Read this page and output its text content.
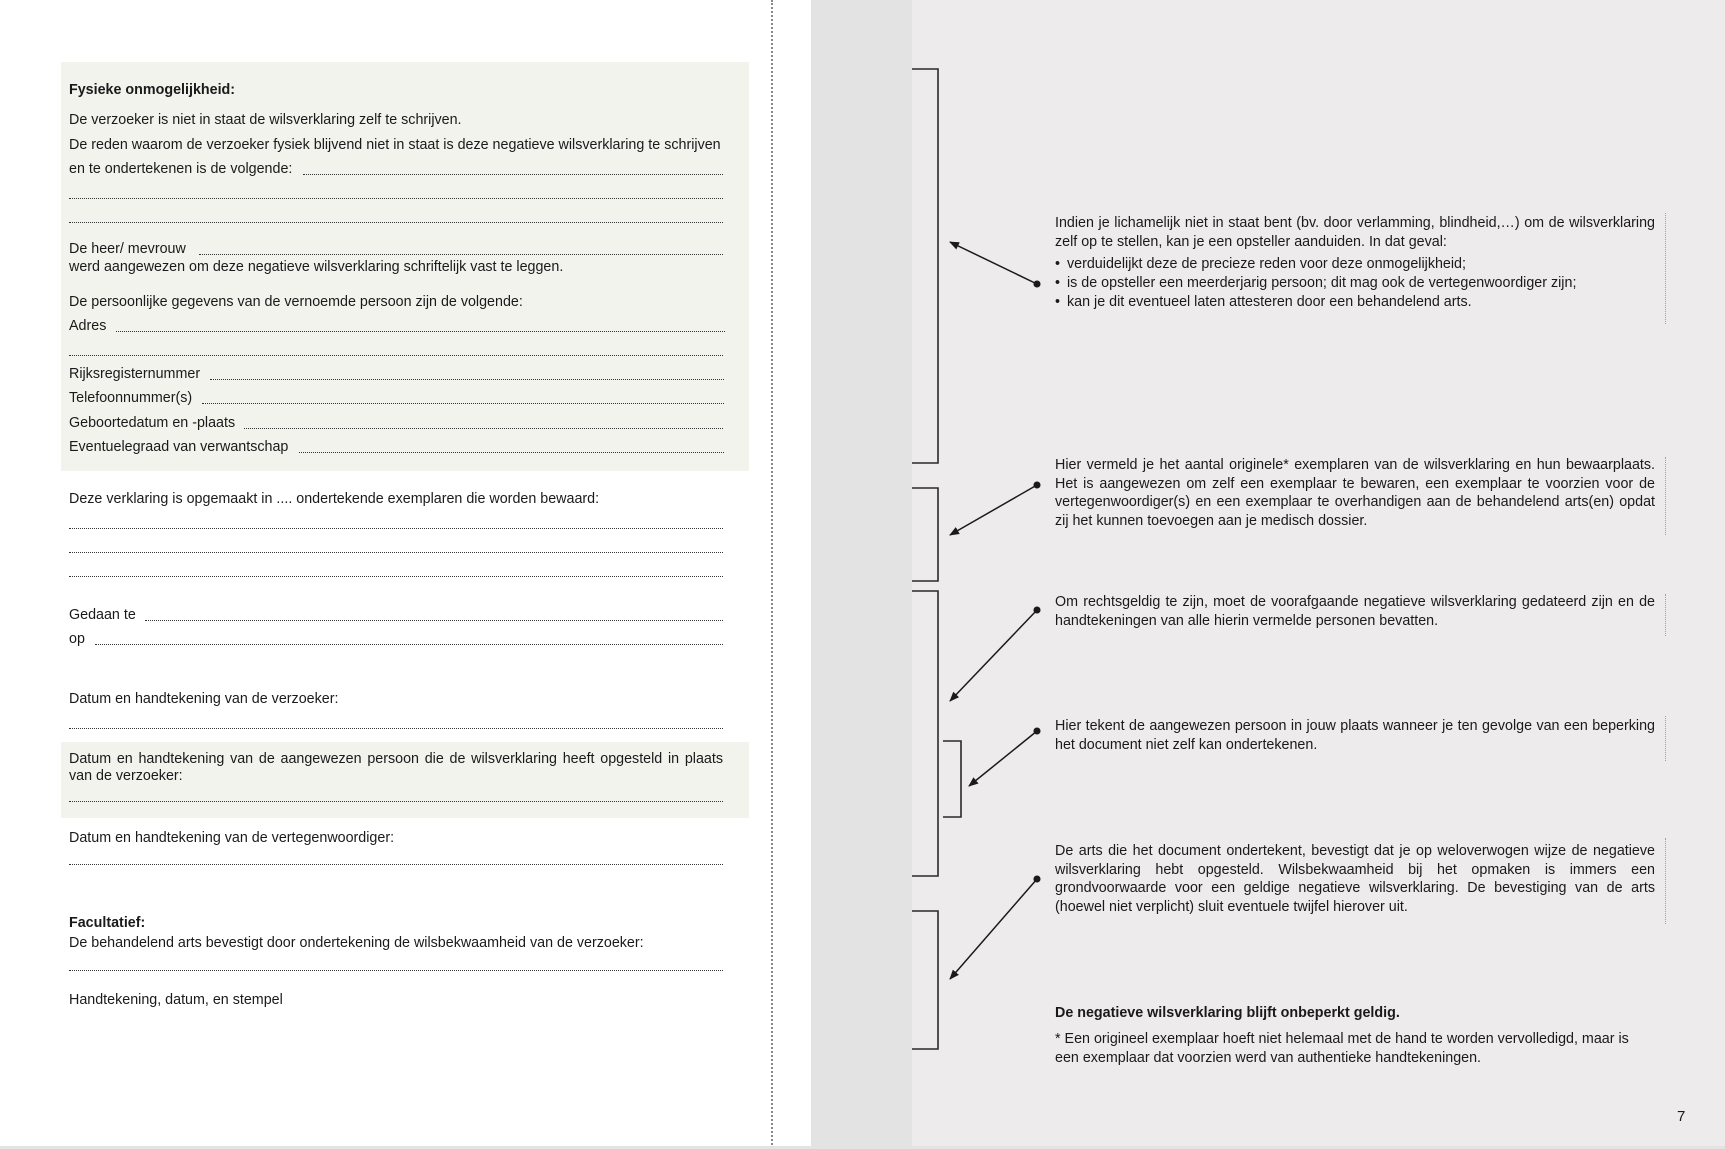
Fysieke onmogelijkheid:
De verzoeker is niet in staat de wilsverklaring zelf te schrijven.
De reden waarom de verzoeker fysiek blijvend niet in staat is deze negatieve wilsverklaring te schrijven
en te ondertekenen is de volgende:
De heer/ mevrouw
werd aangewezen om deze negatieve wilsverklaring schriftelijk vast te leggen.
De persoonlijke gegevens van de vernoemde persoon zijn de volgende:
Adres
Rijksregisternummer
Telefoonnummer(s)
Geboortedatum en -plaats
Eventuelegraad van verwantschap
Deze verklaring is opgemaakt in .... ondertekende exemplaren die worden bewaard:
Gedaan te
op
Datum en handtekening van de verzoeker:
Datum en handtekening van de aangewezen persoon die de wilsverklaring heeft opgesteld in plaats van de verzoeker:
Datum en handtekening van de vertegenwoordiger:
Facultatief:
De behandelend arts bevestigt door ondertekening de wilsbekwaamheid van de verzoeker:
Handtekening, datum, en stempel
Indien je lichamelijk niet in staat bent (bv. door verlamming, blindheid,…) om de wilsverklaring zelf op te stellen, kan je een opsteller aanduiden. In dat geval:
• verduidelijkt deze de precieze reden voor deze onmogelijkheid;
• is de opsteller een meerderjarig persoon; dit mag ook de vertegenwoordiger zijn;
• kan je dit eventueel laten attesteren door een behandelend arts.
Hier vermeld je het aantal originele* exemplaren van de wilsverklaring en hun bewaarplaats. Het is aangewezen om zelf een exemplaar te bewaren, een exemplaar te voorzien voor de vertegenwoordiger(s) en een exemplaar te overhandigen aan de behandelend arts(en) opdat zij het kunnen toevoegen aan je medisch dossier.
Om rechtsgeldig te zijn, moet de voorafgaande negatieve wilsverklaring gedateerd zijn en de handtekeningen van alle hierin vermelde personen bevatten.
Hier tekent de aangewezen persoon in jouw plaats wanneer je ten gevolge van een beperking het document niet zelf kan ondertekenen.
De arts die het document ondertekent, bevestigt dat je op weloverwogen wijze de negatieve wilsverklaring hebt opgesteld. Wilsbekwaamheid bij het opmaken is immers een grondvoorwaarde voor een geldige negatieve wilsverklaring. De bevestiging van de arts (hoewel niet verplicht) sluit eventuele twijfel hierover uit.
De negatieve wilsverklaring blijft onbeperkt geldig.
* Een origineel exemplaar hoeft niet helemaal met de hand te worden vervolledigd, maar is een exemplaar dat voorzien werd van authentieke handtekeningen.
7
